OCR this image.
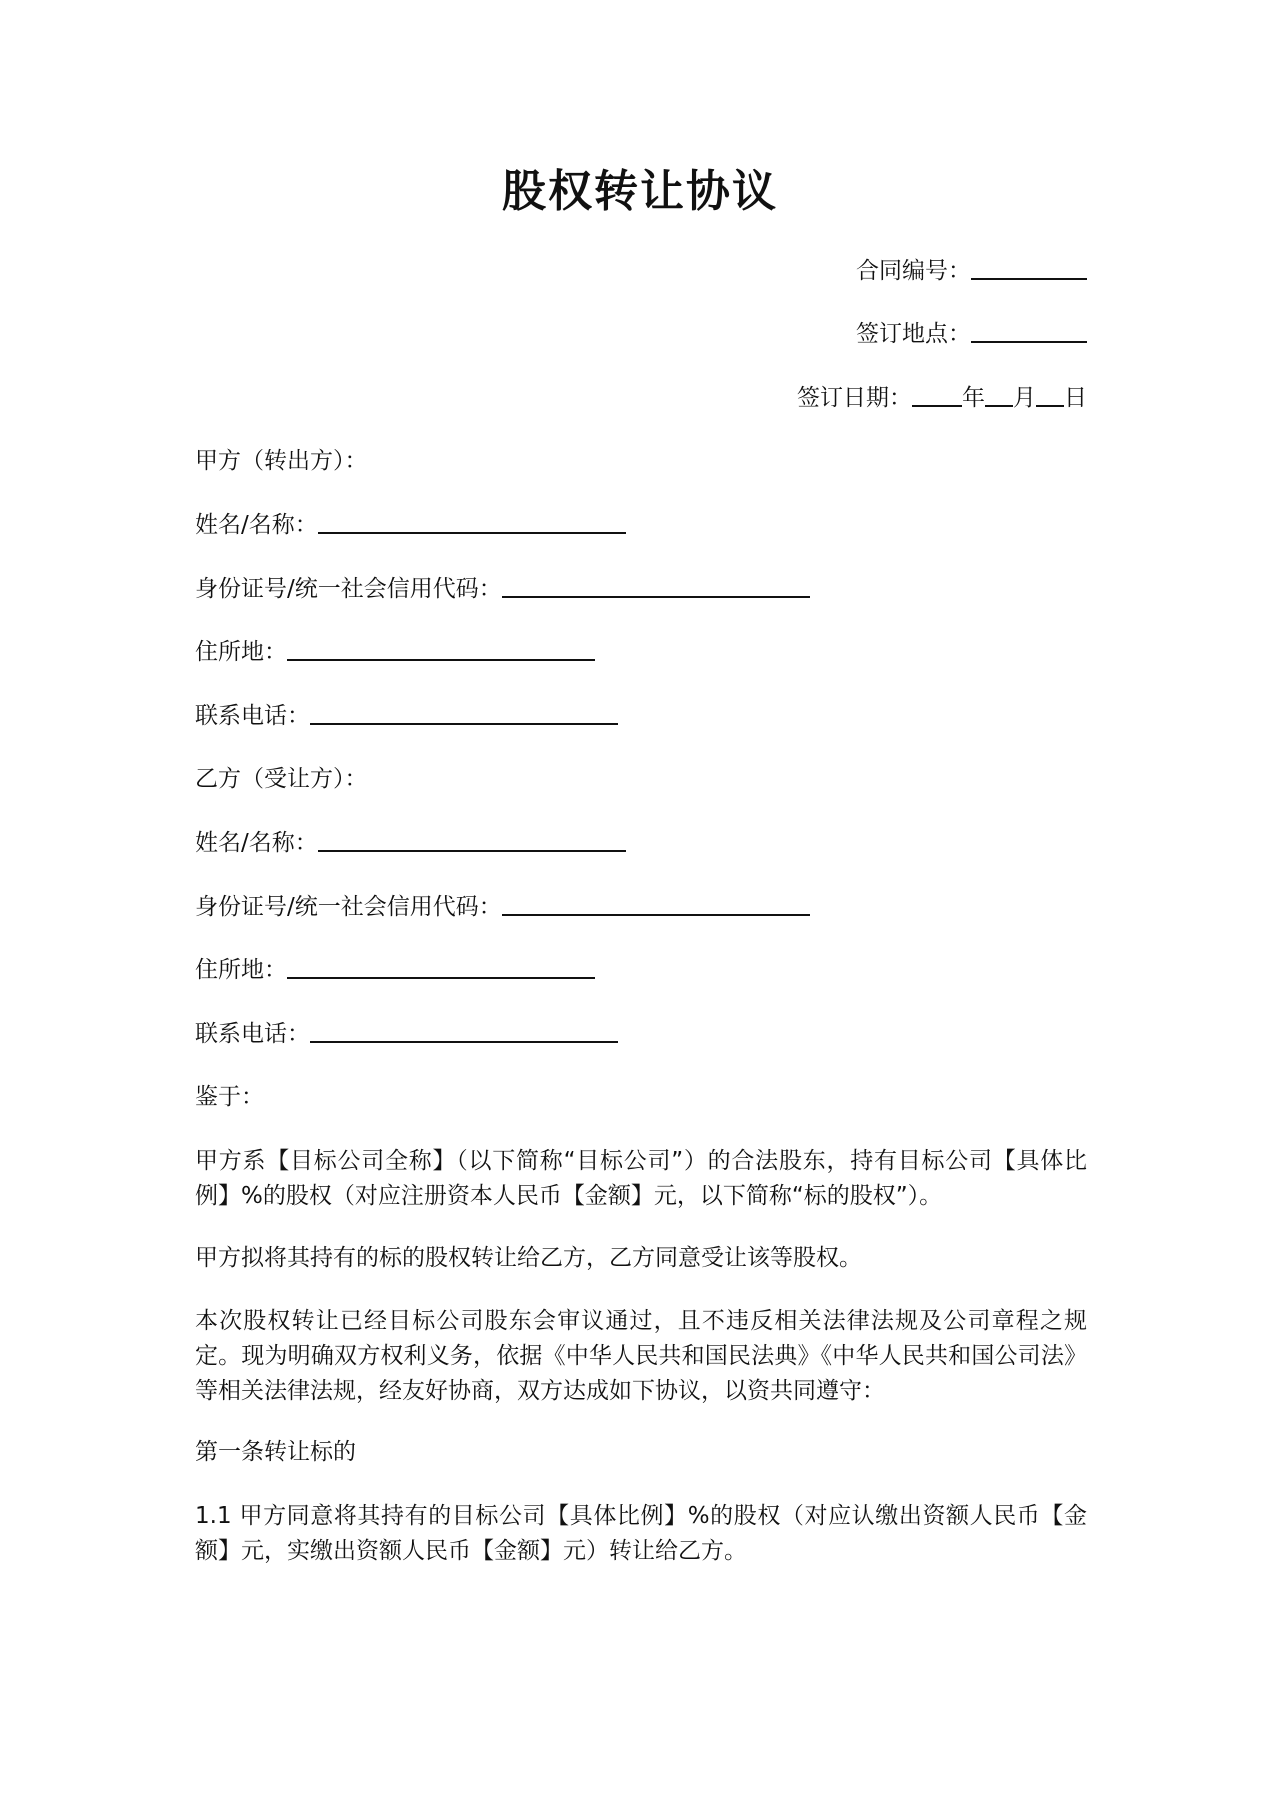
股权转让协议
合同编号：
签订地点：
签订日期： 年 月 日
甲方（转出方）：
姓名/名称：
身份证号/统一社会信用代码：
住所地：
联系电话：
乙方（受让方）：
姓名/名称：
身份证号/统一社会信用代码：
住所地：
联系电话：
鉴于：
甲方系【目标公司全称】（以下简称“目标公司”）的合法股东，持有目标公司【具体比例】%的股权（对应注册资本人民币【金额】元，以下简称“标的股权”）。
甲方拟将其持有的标的股权转让给乙方，乙方同意受让该等股权。
本次股权转让已经目标公司股东会审议通过，且不违反相关法律法规及公司章程之规定。现为明确双方权利义务，依据《中华人民共和国民法典》《中华人民共和国公司法》等相关法律法规，经友好协商，双方达成如下协议，以资共同遵守：
第一条转让标的
1.1 甲方同意将其持有的目标公司【具体比例】%的股权（对应认缴出资额人民币【金额】元，实缴出资额人民币【金额】元）转让给乙方。
